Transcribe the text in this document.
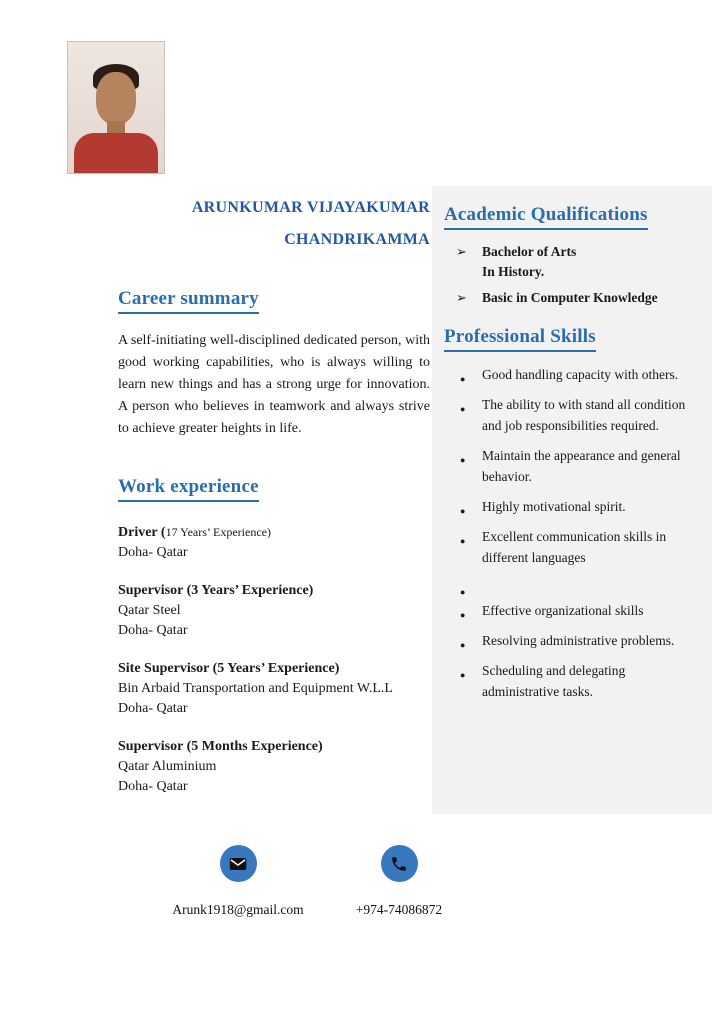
ARUNKUMAR VIJAYAKUMAR
CHANDRIKAMMA
Career summary

A self-initiating well-disciplined dedicated person, with good working capabilities, who is always willing to learn new things and has a strong urge for innovation. A person who believes in teamwork and always strive to achieve greater heights in life.

Work experience
Driver (17 Years’ Experience)
Doha- Qatar
Supervisor (3 Years’ Experience)
Qatar Steel
Doha- Qatar
Site Supervisor (5 Years’ Experience)
Bin Arbaid Transportation and Equipment W.L.L
Doha- Qatar
Supervisor (5 Months Experience)
Qatar Aluminium
Doha- Qatar
Academic Qualifications
➢ Bachelor of Arts
In History.
➢ Basic in Computer Knowledge
Professional Skills
● Good handling capacity with others.
● The ability to with stand all condition and job responsibilities required.
● Maintain the appearance and general behavior.
● Highly motivational spirit.
● Excellent communication skills in different languages
●
● Effective organizational skills
● Resolving administrative problems.
● Scheduling and delegating administrative tasks.
Arunk1918@gmail.com	+974-74086872
